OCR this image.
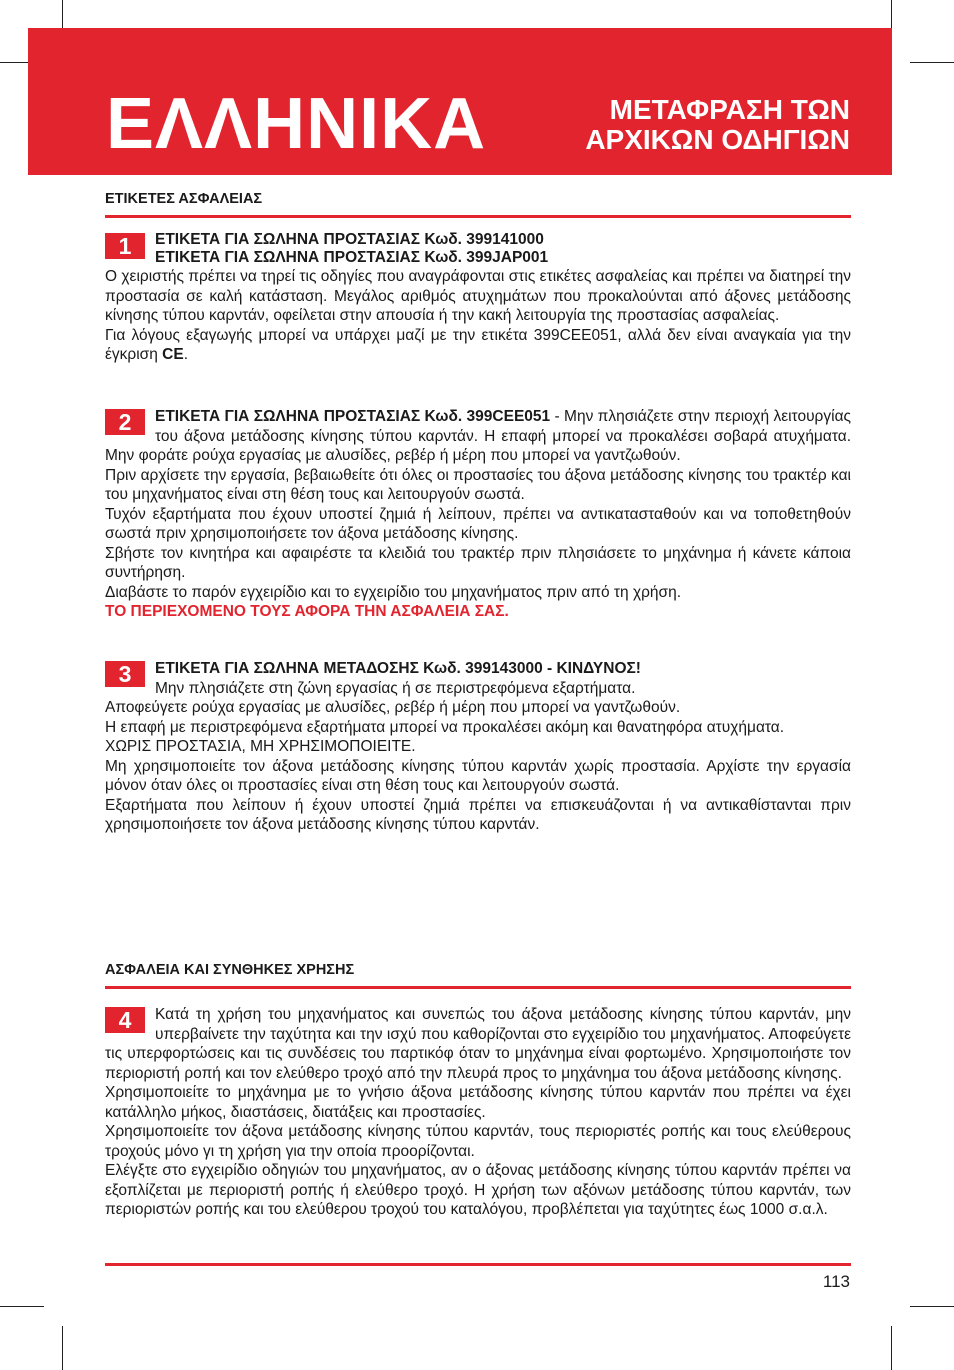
ΕΛΛΗΝΙΚΑ	ΜΕΤΑΦΡΑΣΗ ΤΩΝ
ΑΡΧΙΚΩΝ ΟΔΗΓΙΩΝ
ΕΤΙΚΕΤΕΣ ΑΣΦΑΛΕΙΑΣ
1	ΕΤΙΚΕΤΑ ΓΙΑ ΣΩΛΗΝΑ ΠΡΟΣΤΑΣΙΑΣ Κωδ. 399141000
ΕΤΙΚΕΤΑ ΓΙΑ ΣΩΛΗΝΑ ΠΡΟΣΤΑΣΙΑΣ Κωδ. 399JAP001
Ο χειριστής πρέπει να τηρεί τις οδηγίες που αναγράφονται στις ετικέτες ασφαλείας και πρέπει να διατηρεί την προστασία σε καλή κατάσταση. Μεγάλος αριθμός ατυχημάτων που προκαλούνται από άξονες μετάδοσης κίνησης τύπου καρντάν, οφείλεται στην απουσία ή την κακή λειτουργία της προστασίας ασφαλείας.
Για λόγους εξαγωγής μπορεί να υπάρχει μαζί με την ετικέτα 399CEE051, αλλά δεν είναι αναγκαία για την έγκριση CE.
2	ΕΤΙΚΕΤΑ ΓΙΑ ΣΩΛΗΝΑ ΠΡΟΣΤΑΣΙΑΣ Κωδ. 399CEE051 - Μην πλησιάζετε στην περιοχή λειτουργίας του άξονα μετάδοσης κίνησης τύπου καρντάν. Η επαφή μπορεί να προκαλέσει σοβαρά ατυχήματα. Μην φοράτε ρούχα εργασίας με αλυσίδες, ρεβέρ ή μέρη που μπορεί να γαντζωθούν.
Πριν αρχίσετε την εργασία, βεβαιωθείτε ότι όλες οι προστασίες του άξονα μετάδοσης κίνησης του τρακτέρ και του μηχανήματος είναι στη θέση τους και λειτουργούν σωστά.
Τυχόν εξαρτήματα που έχουν υποστεί ζημιά ή λείπουν, πρέπει να αντικατασταθούν και να τοποθετηθούν σωστά πριν χρησιμοποιήσετε τον άξονα μετάδοσης κίνησης.
Σβήστε τον κινητήρα και αφαιρέστε τα κλειδιά του τρακτέρ πριν πλησιάσετε το μηχάνημα ή κάνετε κάποια συντήρηση.
Διαβάστε το παρόν εγχειρίδιο και το εγχειρίδιο του μηχανήματος πριν από τη χρήση.
ΤΟ ΠΕΡΙΕΧΟΜΕΝΟ ΤΟΥΣ ΑΦΟΡΑ ΤΗΝ ΑΣΦΑΛΕΙΑ ΣΑΣ.
3	ΕΤΙΚΕΤΑ ΓΙΑ ΣΩΛΗΝΑ ΜΕΤΑΔΟΣΗΣ Κωδ. 399143000 - ΚΙΝΔΥΝΟΣ!
Μην πλησιάζετε στη ζώνη εργασίας ή σε περιστρεφόμενα εξαρτήματα.
Αποφεύγετε ρούχα εργασίας με αλυσίδες, ρεβέρ ή μέρη που μπορεί να γαντζωθούν.
Η επαφή με περιστρεφόμενα εξαρτήματα μπορεί να προκαλέσει ακόμη και θανατηφόρα ατυχήματα.
ΧΩΡΙΣ ΠΡΟΣΤΑΣΙΑ, ΜΗ ΧΡΗΣΙΜΟΠΟΙΕΙΤΕ.
Μη χρησιμοποιείτε τον άξονα μετάδοσης κίνησης τύπου καρντάν χωρίς προστασία. Αρχίστε την εργασία μόνον όταν όλες οι προστασίες είναι στη θέση τους και λειτουργούν σωστά.
Εξαρτήματα που λείπουν ή έχουν υποστεί ζημιά πρέπει να επισκευάζονται ή να αντικαθίστανται πριν χρησιμοποιήσετε τον άξονα μετάδοσης κίνησης τύπου καρντάν.
ΑΣΦΑΛΕΙΑ ΚΑΙ ΣΥΝΘΗΚΕΣ ΧΡΗΣΗΣ
4	Κατά τη χρήση του μηχανήματος και συνεπώς του άξονα μετάδοσης κίνησης τύπου καρντάν, μην υπερβαίνετε την ταχύτητα και την ισχύ που καθορίζονται στο εγχειρίδιο του μηχανήματος. Αποφεύγετε τις υπερφορτώσεις και τις συνδέσεις του παρτικόφ όταν το μηχάνημα είναι φορτωμένο. Χρησιμοποιήστε τον περιοριστή ροπή και τον ελεύθερο τροχό από την πλευρά προς το μηχάνημα του άξονα μετάδοσης κίνησης.
Χρησιμοποιείτε το μηχάνημα με το γνήσιο άξονα μετάδοσης κίνησης τύπου καρντάν που πρέπει να έχει κατάλληλο μήκος, διαστάσεις, διατάξεις και προστασίες.
Χρησιμοποιείτε τον άξονα μετάδοσης κίνησης τύπου καρντάν, τους περιοριστές ροπής και τους ελεύθερους τροχούς μόνο γι τη χρήση για την οποία προορίζονται.
Ελέγξτε στο εγχειρίδιο οδηγιών του μηχανήματος, αν ο άξονας μετάδοσης κίνησης τύπου καρντάν πρέπει να εξοπλίζεται με περιοριστή ροπής ή ελεύθερο τροχό. Η χρήση των αξόνων μετάδοσης τύπου καρντάν, των περιοριστών ροπής και του ελεύθερου τροχού του καταλόγου, προβλέπεται για ταχύτητες έως 1000 σ.α.λ.
113
